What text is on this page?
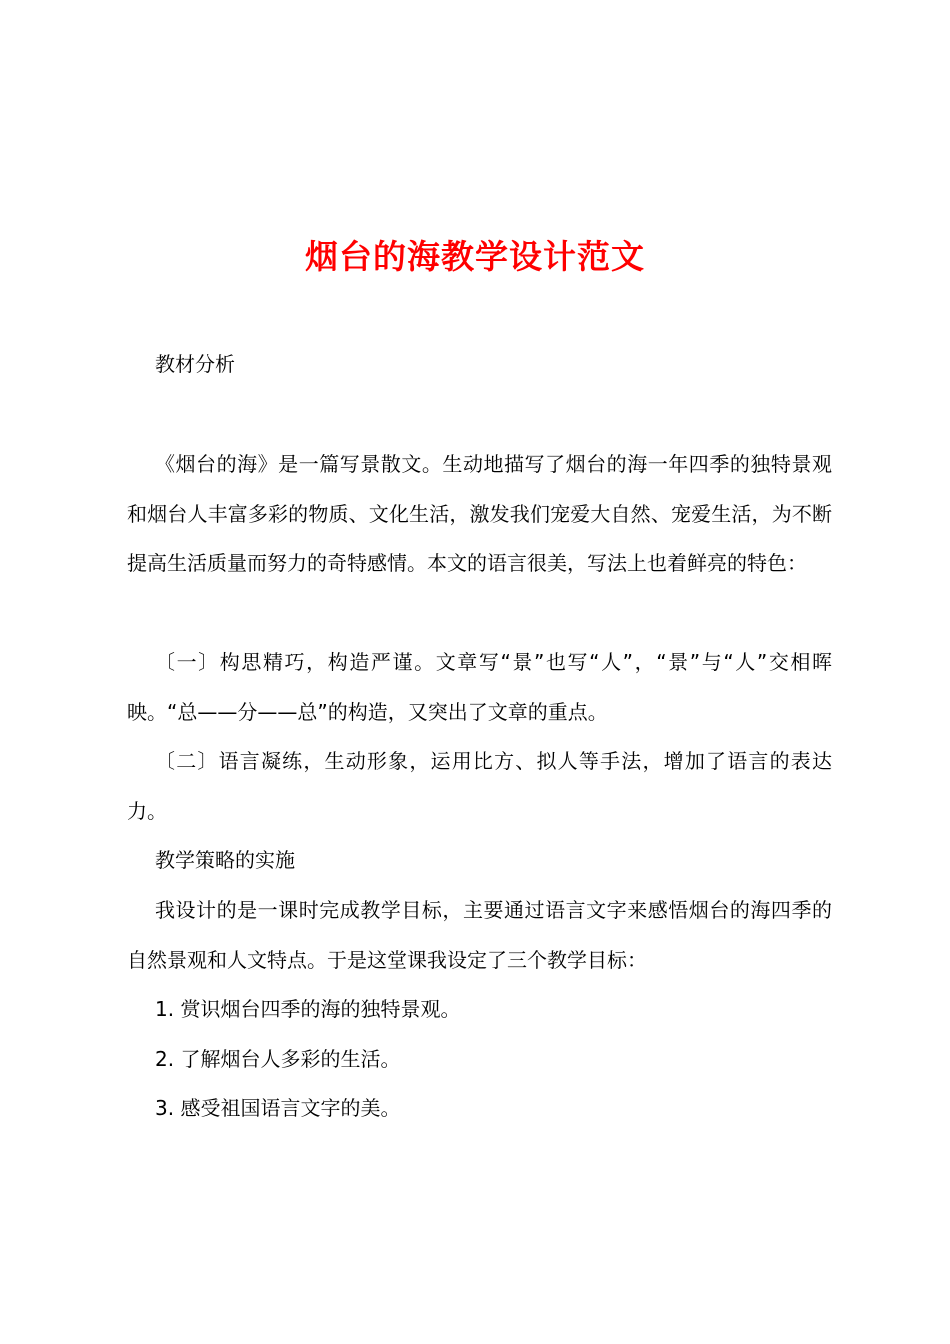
烟台的海教学设计范文

教材分析

《烟台的海》是一篇写景散文。生动地描写了烟台的海一年四季的独特景观和烟台人丰富多彩的物质、文化生活，激发我们宠爱大自然、宠爱生活，为不断提高生活质量而努力的奇特感情。本文的语言很美，写法上也着鲜亮的特色：

〔一〕构思精巧，构造严谨。文章写“景”也写“人”，“景”与“人”交相晖映。“总——分——总”的构造，又突出了文章的重点。

〔二〕语言凝练，生动形象，运用比方、拟人等手法，增加了语言的表达力。

教学策略的实施

我设计的是一课时完成教学目标，主要通过语言文字来感悟烟台的海四季的自然景观和人文特点。于是这堂课我设定了三个教学目标：

1. 赏识烟台四季的海的独特景观。
2. 了解烟台人多彩的生活。
3. 感受祖国语言文字的美。
